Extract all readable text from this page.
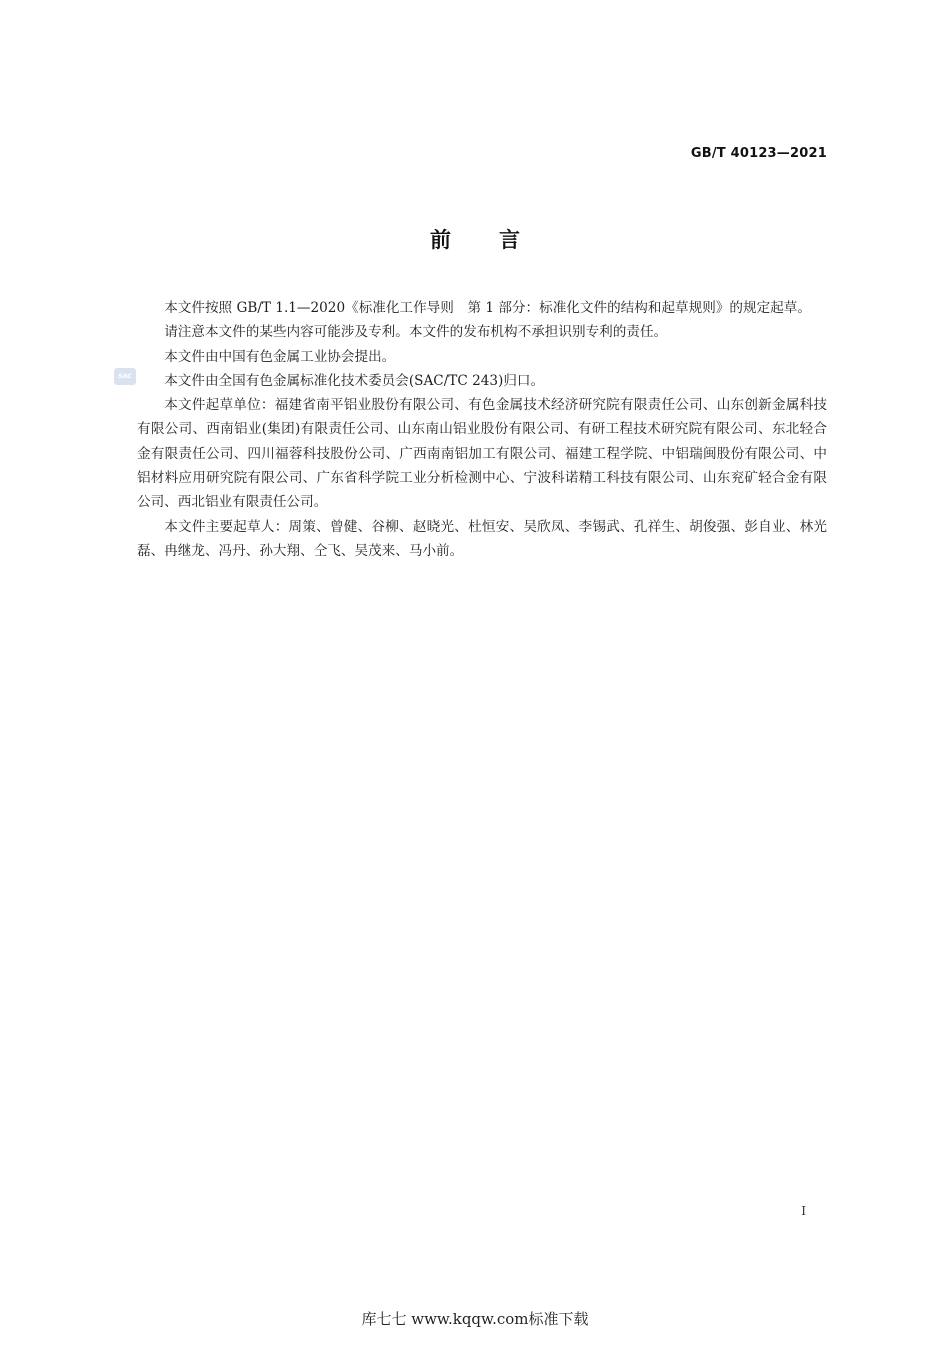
GB/T 40123—2021
前 言
SAC

本文件按照 GB/T 1.1—2020《标准化工作导则　第 1 部分：标准化文件的结构和起草规则》的规定起草。

请注意本文件的某些内容可能涉及专利。本文件的发布机构不承担识别专利的责任。

本文件由中国有色金属工业协会提出。

本文件由全国有色金属标准化技术委员会(SAC/TC 243)归口。

本文件起草单位：福建省南平铝业股份有限公司、有色金属技术经济研究院有限责任公司、山东创新金属科技有限公司、西南铝业(集团)有限责任公司、山东南山铝业股份有限公司、有研工程技术研究院有限公司、东北轻合金有限责任公司、四川福蓉科技股份公司、广西南南铝加工有限公司、福建工程学院、中铝瑞闽股份有限公司、中铝材料应用研究院有限公司、广东省科学院工业分析检测中心、宁波科诺精工科技有限公司、山东兖矿轻合金有限公司、西北铝业有限责任公司。

本文件主要起草人：周策、曾健、谷柳、赵晓光、杜恒安、吴欣凤、李锡武、孔祥生、胡俊强、彭自业、林光磊、冉继龙、冯丹、孙大翔、仝飞、吴茂来、马小前。

I
库七七 www.kqqw.com标准下载
